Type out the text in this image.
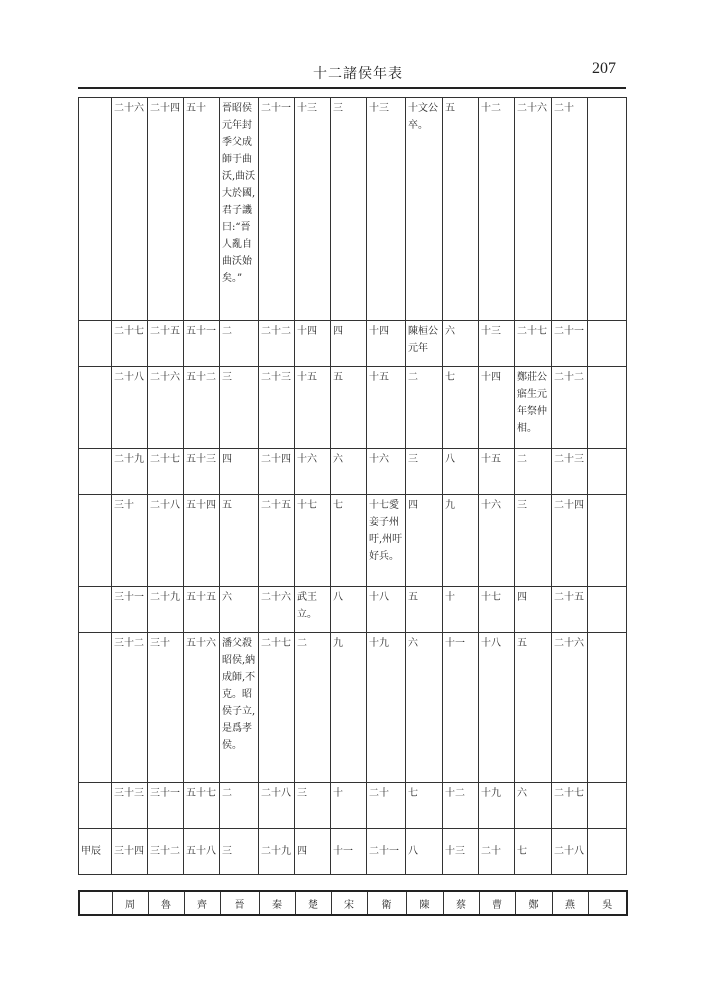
十二諸侯年表	207
	二十六	二十四	五十	晉昭侯元年封季父成師于曲沃,曲沃大於國,君子譏曰:“晉人亂自曲沃始矣。”	二十一	十三	三	十三	十文公卒。	五	十二	二十六	二十	
	二十七	二十五	五十一	二	二十二	十四	四	十四	陳桓公元年	六	十三	二十七	二十一	
	二十八	二十六	五十二	三	二十三	十五	五	十五	二	七	十四	鄭莊公寤生元年祭仲相。	二十二	
	二十九	二十七	五十三	四	二十四	十六	六	十六	三	八	十五	二	二十三	
	三十	二十八	五十四	五	二十五	十七	七	十七愛妾子州吁,州吁好兵。	四	九	十六	三	二十四	
	三十一	二十九	五十五	六	二十六	武王立。	八	十八	五	十	十七	四	二十五	
	三十二	三十	五十六	潘父殺昭侯,納成師,不克。昭侯子立,是爲孝侯。	二十七	二	九	十九	六	十一	十八	五	二十六	
	三十三	三十一	五十七	二	二十八	三	十	二十	七	十二	十九	六	二十七	
甲辰	三十四	三十二	五十八	三	二十九	四	十一	二十一	八	十三	二十	七	二十八	
	周	魯	齊	晉	秦	楚	宋	衛	陳	蔡	曹	鄭	燕	吳
